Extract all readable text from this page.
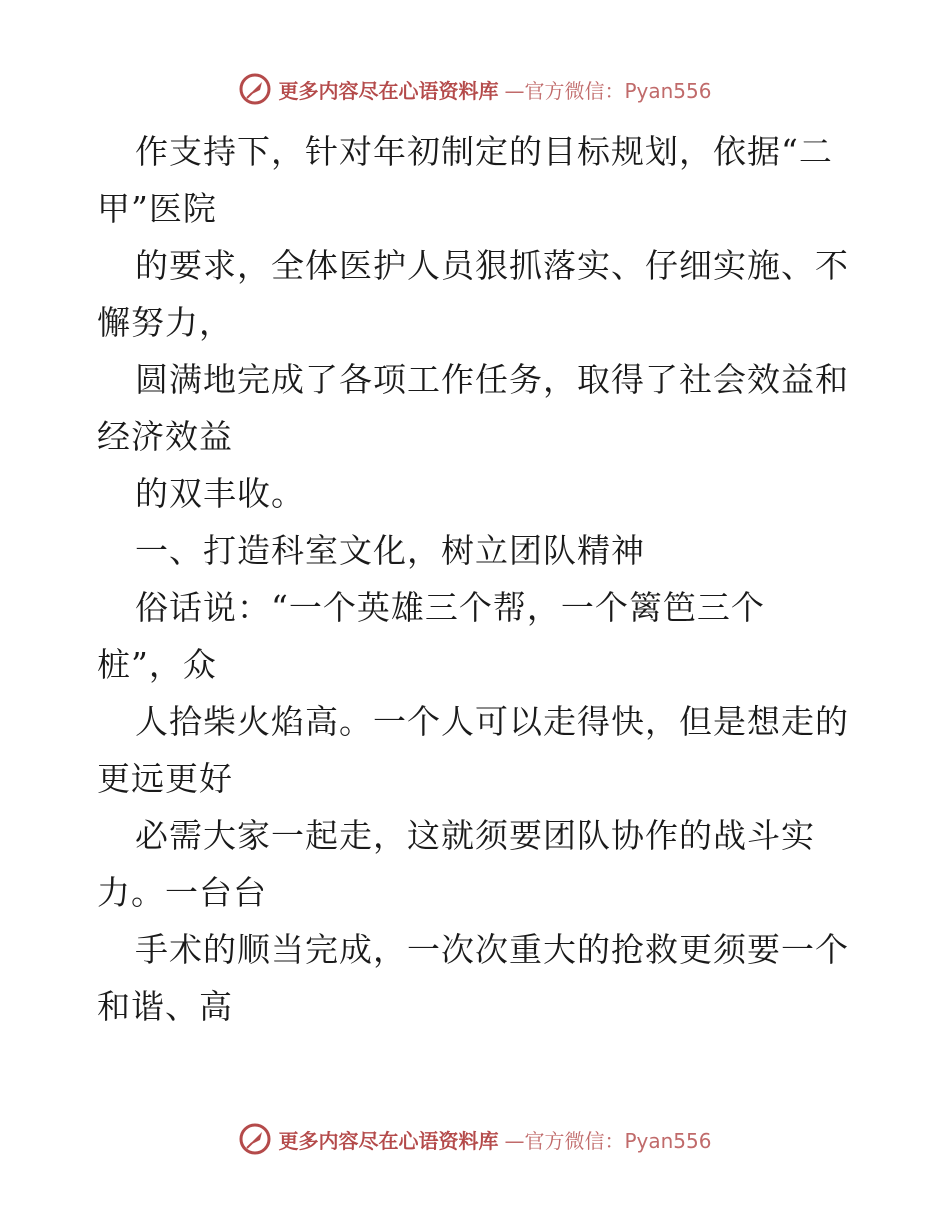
更多内容尽在心语资料库 —官方微信：Pyan556
作支持下，针对年初制定的目标规划，依据“二
甲”医院
的要求，全体医护人员狠抓落实、仔细实施、不
懈努力，
圆满地完成了各项工作任务，取得了社会效益和
经济效益
的双丰收。
一、打造科室文化，树立团队精神
俗话说：“一个英雄三个帮，一个篱笆三个
桩”，众
人拾柴火焰高。一个人可以走得快，但是想走的
更远更好
必需大家一起走，这就须要团队协作的战斗实
力。一台台
手术的顺当完成，一次次重大的抢救更须要一个
和谐、高
更多内容尽在心语资料库 —官方微信：Pyan556
